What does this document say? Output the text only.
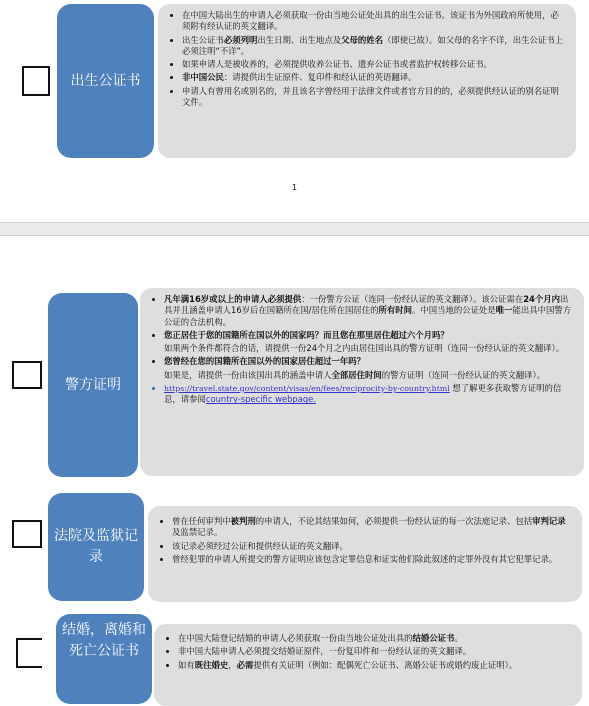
出生公证书
• 在中国大陆出生的申请人必须获取一份由当地公证处出具的出生公证书。该证书为外国政府所使用，必须附有经认证的英文翻译。
• 出生公证书必须列明出生日期、出生地点及父母的姓名（即使已故）。如父母的名字不详，出生公证书上必须注明“不详”。
• 如果申请人是被收养的，必须提供收养公证书、遗弃公证书或者监护权转移公证书。
• 非中国公民：请提供出生证原件、复印件和经认证的英语翻译。
• 申请人有曾用名或别名的，并且该名字曾经用于法律文件或者官方目的的，必须提供经认证的别名证明文件。
1
警方证明
• 凡年满16岁或以上的申请人必须提供：一份警方公证（连同一份经认证的英文翻译）。该公证需在24个月内出具并且涵盖申请人16岁后在国籍所在国/居住所在国居住的所有时间。中国当地的公证处是唯一能出具中国警方公证的合法机构。
• 您正居住于您的国籍所在国以外的国家吗？而且您在那里居住超过六个月吗？
如果两个条件都符合的话，请提供一份24个月之内由居住国出具的警方证明（连同一份经认证的英文翻译）。
• 您曾经在您的国籍所在国以外的国家居住超过一年吗？
如果是，请提供一份由该国出具的涵盖申请人全部居住时间的警方证明（连同一份经认证的英文翻译）。
• https://travel.state.gov/content/visas/en/fees/reciprocity-by-country.html 想了解更多获取警方证明的信息，请参阅country-specific webpage.
法院及监狱记录
• 曾在任何审判中被判刑的申请人，不论其结果如何，必须提供一份经认证的每一次法庭记录、包括审判记录及监禁记录。
• 该记录必须经过公证和提供经认证的英文翻译。
• 曾经犯罪的申请人所提交的警方证明应该包含定罪信息和证实他们除此叙述的定罪外没有其它犯罪记录。
结婚，离婚和死亡公证书
• 在中国大陆登记结婚的申请人必须获取一份由当地公证处出具的结婚公证书。
• 非中国大陆申请人必须提交结婚证原件，一份复印件和一份经认证的英文翻译。
• 如有既往婚史，必需提供有关证明（例如：配偶死亡公证书、离婚公证书或婚约废止证明）。
